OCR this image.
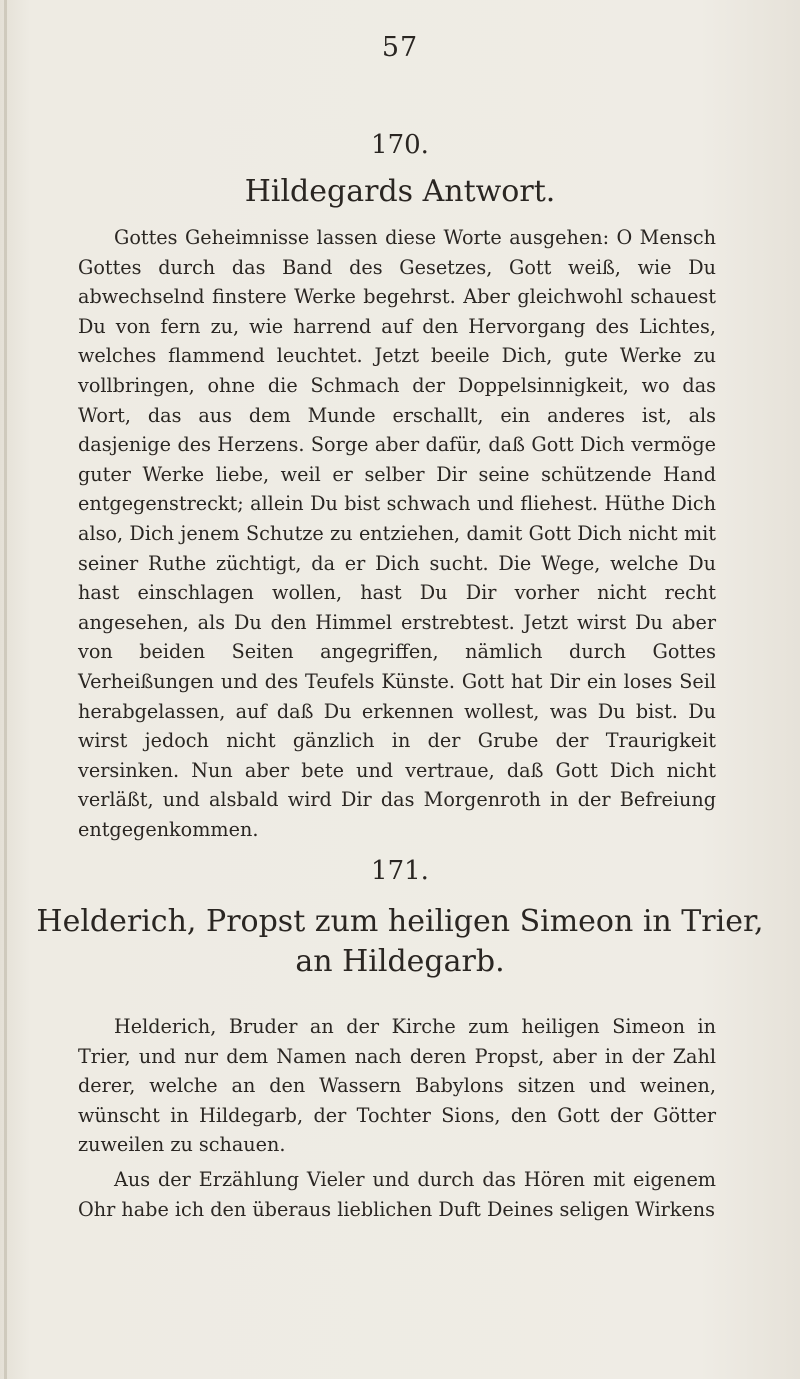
57
170.
Hildegards Antwort.

Gottes Geheimnisse lassen diese Worte ausgehen: O Mensch Gottes durch das Band des Gesetzes, Gott weiß, wie Du abwechselnd finstere Werke begehrst. Aber gleichwohl schauest Du von fern zu, wie harrend auf den Hervorgang des Lichtes, welches flammend leuchtet. Jetzt beeile Dich, gute Werke zu vollbringen, ohne die Schmach der Doppelsinnigkeit, wo das Wort, das aus dem Munde erschallt, ein anderes ist, als dasjenige des Herzens. Sorge aber dafür, daß Gott Dich vermöge guter Werke liebe, weil er selber Dir seine schützende Hand entgegenstreckt; allein Du bist schwach und fliehest. Hüthe Dich also, Dich jenem Schutze zu entziehen, damit Gott Dich nicht mit seiner Ruthe züchtigt, da er Dich sucht. Die Wege, welche Du hast einschlagen wollen, hast Du Dir vorher nicht recht angesehen, als Du den Himmel erstrebtest. Jetzt wirst Du aber von beiden Seiten angegriffen, nämlich durch Gottes Verheißungen und des Teufels Künste. Gott hat Dir ein loses Seil herabgelassen, auf daß Du erkennen wollest, was Du bist. Du wirst jedoch nicht gänzlich in der Grube der Traurigkeit versinken. Nun aber bete und vertraue, daß Gott Dich nicht verläßt, und alsbald wird Dir das Morgenroth in der Befreiung entgegenkommen.

171.
Helderich, Propst zum heiligen Simeon in Trier,
an Hildegarb.

Helderich, Bruder an der Kirche zum heiligen Simeon in Trier, und nur dem Namen nach deren Propst, aber in der Zahl derer, welche an den Wassern Babylons sitzen und weinen, wünscht in Hildegarb, der Tochter Sions, den Gott der Götter zuweilen zu schauen.

Aus der Erzählung Vieler und durch das Hören mit eigenem Ohr habe ich den überaus lieblichen Duft Deines seligen Wirkens
